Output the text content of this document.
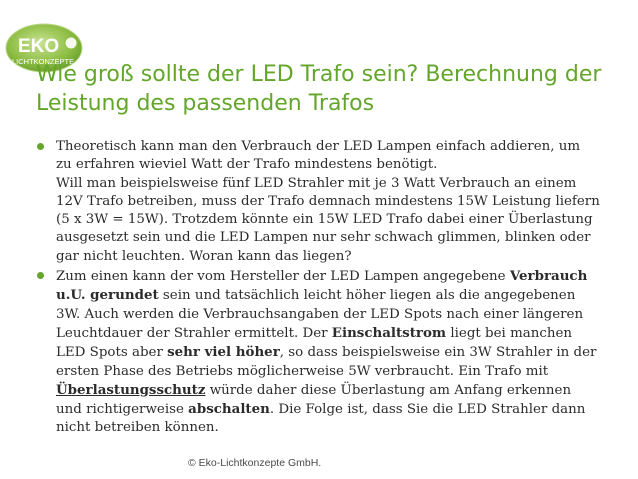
EKO
LICHTKONZEPTE
Wie groß sollte der LED Trafo sein? Berechnung der Leistung des passenden Trafos

Theoretisch kann man den Verbrauch der LED Lampen einfach addieren, um
zu erfahren wieviel Watt der Trafo mindestens benötigt.
Will man beispielsweise fünf LED Strahler mit je 3 Watt Verbrauch an einem
12V Trafo betreiben, muss der Trafo demnach mindestens 15W Leistung liefern
(5 x 3W = 15W). Trotzdem könnte ein 15W LED Trafo dabei einer Überlastung
ausgesetzt sein und die LED Lampen nur sehr schwach glimmen, blinken oder
gar nicht leuchten. Woran kann das liegen?

Zum einen kann der vom Hersteller der LED Lampen angegebene Verbrauch
u.U. gerundet sein und tatsächlich leicht höher liegen als die angegebenen
3W. Auch werden die Verbrauchsangaben der LED Spots nach einer längeren
Leuchtdauer der Strahler ermittelt. Der Einschaltstrom liegt bei manchen
LED Spots aber sehr viel höher, so dass beispielsweise ein 3W Strahler in der
ersten Phase des Betriebs möglicherweise 5W verbraucht. Ein Trafo mit
Überlastungsschutz würde daher diese Überlastung am Anfang erkennen
und richtigerweise abschalten. Die Folge ist, dass Sie die LED Strahler dann
nicht betreiben können.

© Eko-Lichtkonzepte GmbH.
